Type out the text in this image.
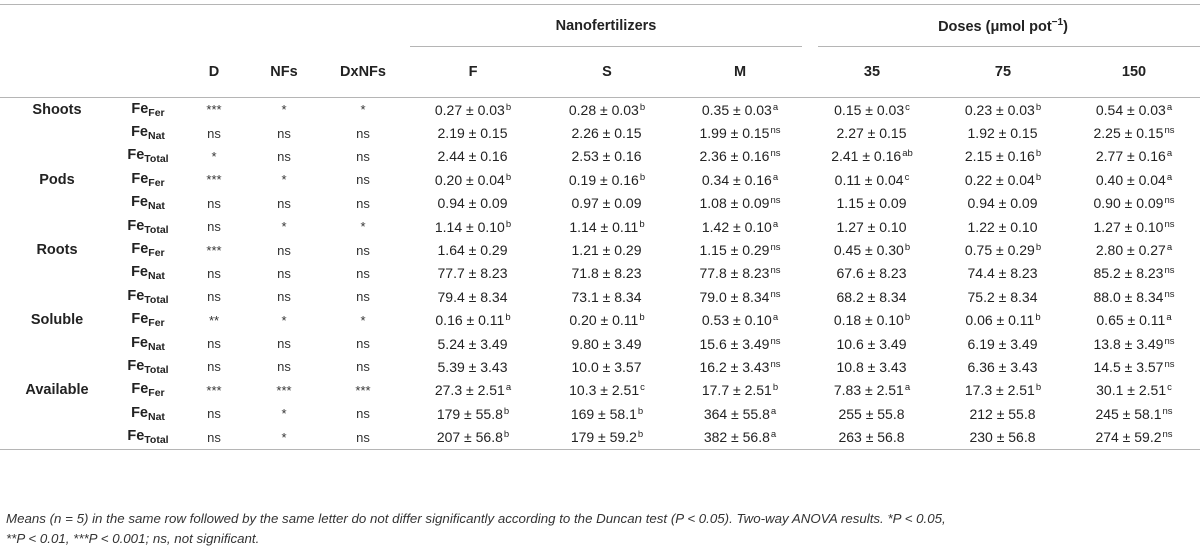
					Nanofertilizers			Doses (μmol pot$^{-1}$)		
		D	NFs	DxNFs	F	S	M	35	75	150
Shoots	$Fe_{Fer}$	***	*	*	0.27 ± 0.03$^b$	0.28 ± 0.03$^b$	0.35 ± 0.03$^a$	0.15 ± 0.03$^c$	0.23 ± 0.03$^b$	0.54 ± 0.03$^a$
	$Fe_{Nat}$	ns	ns	ns	2.19 ± 0.15	2.26 ± 0.15	$1.99 \pm 0.15^{ns}$	2.27 ± 0.15	1.92 ± 0.15	$2.25 \pm 0.15^{ns}$
	$Fe_{Total}$	*	ns	ns	2.44 ± 0.16	2.53 ± 0.16	$2.36 \pm 0.16^{ns}$	2.41 ± 0.16$^{ab}$	2.15 ± 0.16$^b$	2.77 ± 0.16$^a$
Pods	$Fe_{Fer}$	***	*	ns	0.20 ± 0.04$^b$	0.19 ± 0.16$^b$	0.34 ± 0.16$^a$	0.11 ± 0.04$^c$	0.22 ± 0.04$^b$	0.40 ± 0.04$^a$
	$Fe_{Nat}$	ns	ns	ns	0.94 ± 0.09	0.97 ± 0.09	$1.08 \pm 0.09^{ns}$	1.15 ± 0.09	0.94 ± 0.09	$0.90 \pm 0.09^{ns}$
	$Fe_{Total}$	ns	*	*	1.14 ± 0.10$^b$	1.14 ± 0.11$^b$	1.42 ± 0.10$^a$	1.27 ± 0.10	1.22 ± 0.10	$1.27 \pm 0.10^{ns}$
Roots	$Fe_{Fer}$	***	ns	ns	1.64 ± 0.29	1.21 ± 0.29	$1.15 \pm 0.29^{ns}$	0.45 ± 0.30$^b$	0.75 ± 0.29$^b$	2.80 ± 0.27$^a$
	$Fe_{Nat}$	ns	ns	ns	77.7 ± 8.23	71.8 ± 8.23	$77.8 \pm 8.23^{ns}$	67.6 ± 8.23	74.4 ± 8.23	$85.2 \pm 8.23^{ns}$
	$Fe_{Total}$	ns	ns	ns	79.4 ± 8.34	73.1 ± 8.34	$79.0 \pm 8.34^{ns}$	68.2 ± 8.34	75.2 ± 8.34	$88.0 \pm 8.34^{ns}$
Soluble	$Fe_{Fer}$	**	*	*	0.16 ± 0.11$^b$	0.20 ± 0.11$^b$	0.53 ± 0.10$^a$	0.18 ± 0.10$^b$	0.06 ± 0.11$^b$	0.65 ± 0.11$^a$
	$Fe_{Nat}$	ns	ns	ns	5.24 ± 3.49	9.80 ± 3.49	$15.6 \pm 3.49^{ns}$	10.6 ± 3.49	6.19 ± 3.49	$13.8 \pm 3.49^{ns}$
	$Fe_{Total}$	ns	ns	ns	5.39 ± 3.43	10.0 ± 3.57	$16.2 \pm 3.43^{ns}$	10.8 ± 3.43	6.36 ± 3.43	$14.5 \pm 3.57^{ns}$
Available	$Fe_{Fer}$	***	***	***	27.3 ± 2.51$^a$	10.3 ± 2.51$^c$	17.7 ± 2.51$^b$	7.83 ± 2.51$^a$	17.3 ± 2.51$^b$	30.1 ± 2.51$^c$
	$Fe_{Nat}$	ns	*	ns	179 ± 55.8$^b$	169 ± 58.1$^b$	364 ± 55.8$^a$	255 ± 55.8	212 ± 55.8	$245 \pm 58.1^{ns}$
	$Fe_{Total}$	ns	*	ns	207 ± 56.8$^b$	179 ± 59.2$^b$	382 ± 56.8$^a$	263 ± 56.8	230 ± 56.8	$274 \pm 59.2^{ns}$
Means (n = 5) in the same row followed by the same letter do not differ significantly according to the Duncan test (P < 0.05). Two-way ANOVA results. *P < 0.05,
**P < 0.01, ***P < 0.001; ns, not significant.
